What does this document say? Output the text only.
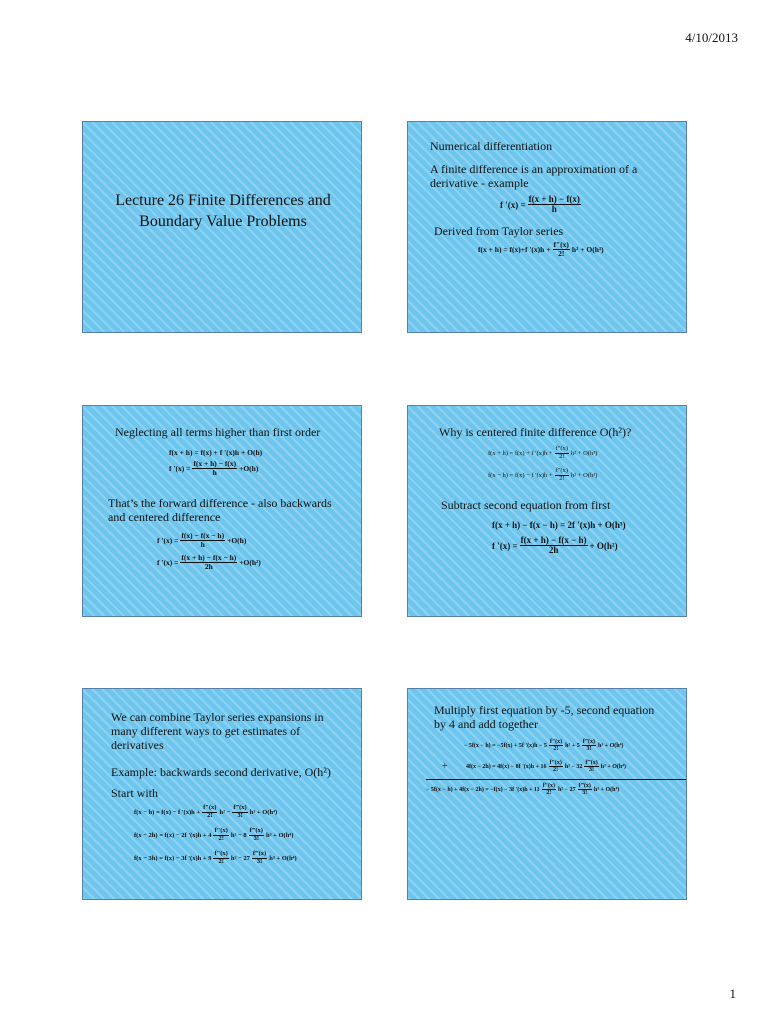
4/10/2013
Lecture 26 Finite Differences and Boundary Value Problems
Numerical differentiation
A finite difference is an approximation of a derivative - example
f '$(x) = \frac{f(x + h) - f(x)}{h}$
Derived from Taylor series
f(x + h) = f(x)+f '$(x)h + \frac{f"(x)}{2!} h^2 + O(h^3)$
Neglecting all terms higher than first order
f(x + h) = f(x) + f '(x)h + O(h)
f '$(x) = \frac{f(x + h) - f(x)}{h} +O(h)$
That’s the forward difference - also backwards and centered difference
f '$(x) = \frac{f(x) - f(x - h)}{h} +O(h)$
f '$(x) = \frac{f(x + h) - f(x - h)}{2h} +O(h^2)$
Why is centered finite difference O(h²)?
f(x + h) = f(x) + f '$(x)h + \frac{f"(x)}{2!} h^2 + O(h^3)$
f(x − h) = f(x) − f '$(x)h + \frac{f"(x)}{2!} h^2 + O(h^3)$
Subtract second equation from first
f(x + h) − f(x − h) = 2f '(x)h + O(h³)
f '$(x) = \frac{f(x + h) - f(x - h)}{2h} + O(h^2)$
We can combine Taylor series expansions in many different ways to get estimates of derivatives
Example: backwards second derivative, O(h²)
Start with
f(x − h) = f(x) − f '$(x)h + \frac{f"(x)}{2!} h^2 - \frac{f‴(x)}{3!} h^3 + O(h^4)$
f(x − 2h) = f(x) − 2f '(x)h + 4
f"(x)
2! h² − 8
f‴(x)
3! h³ + O(h⁴)
f(x − 3h) = f(x) − 3f '(x)h + 9
f"(x)
2! h² − 27
f‴(x)
3! h³ + O(h⁴)
Multiply first equation by -5, second equation by 4 and add together
− 5f(x − h) = −5f(x) + 5f '(x)h − 5
f"(x)
2!
h² + 5
f‴(x)
3!
h³ + O(h⁴)
+	4f(x − 2h) = 4f(x) − 8f '(x)h + 16
f"(x)
2!
h² − 32
f‴(x)
3!
h³ + O(h⁴)
− 5f(x − h) + 4f(x − 2h) = −f(x) − 3f '(x)h + 11
f"(x)
2!
h² − 27
f‴(x)
3!
h³ + O(h⁴)
1
